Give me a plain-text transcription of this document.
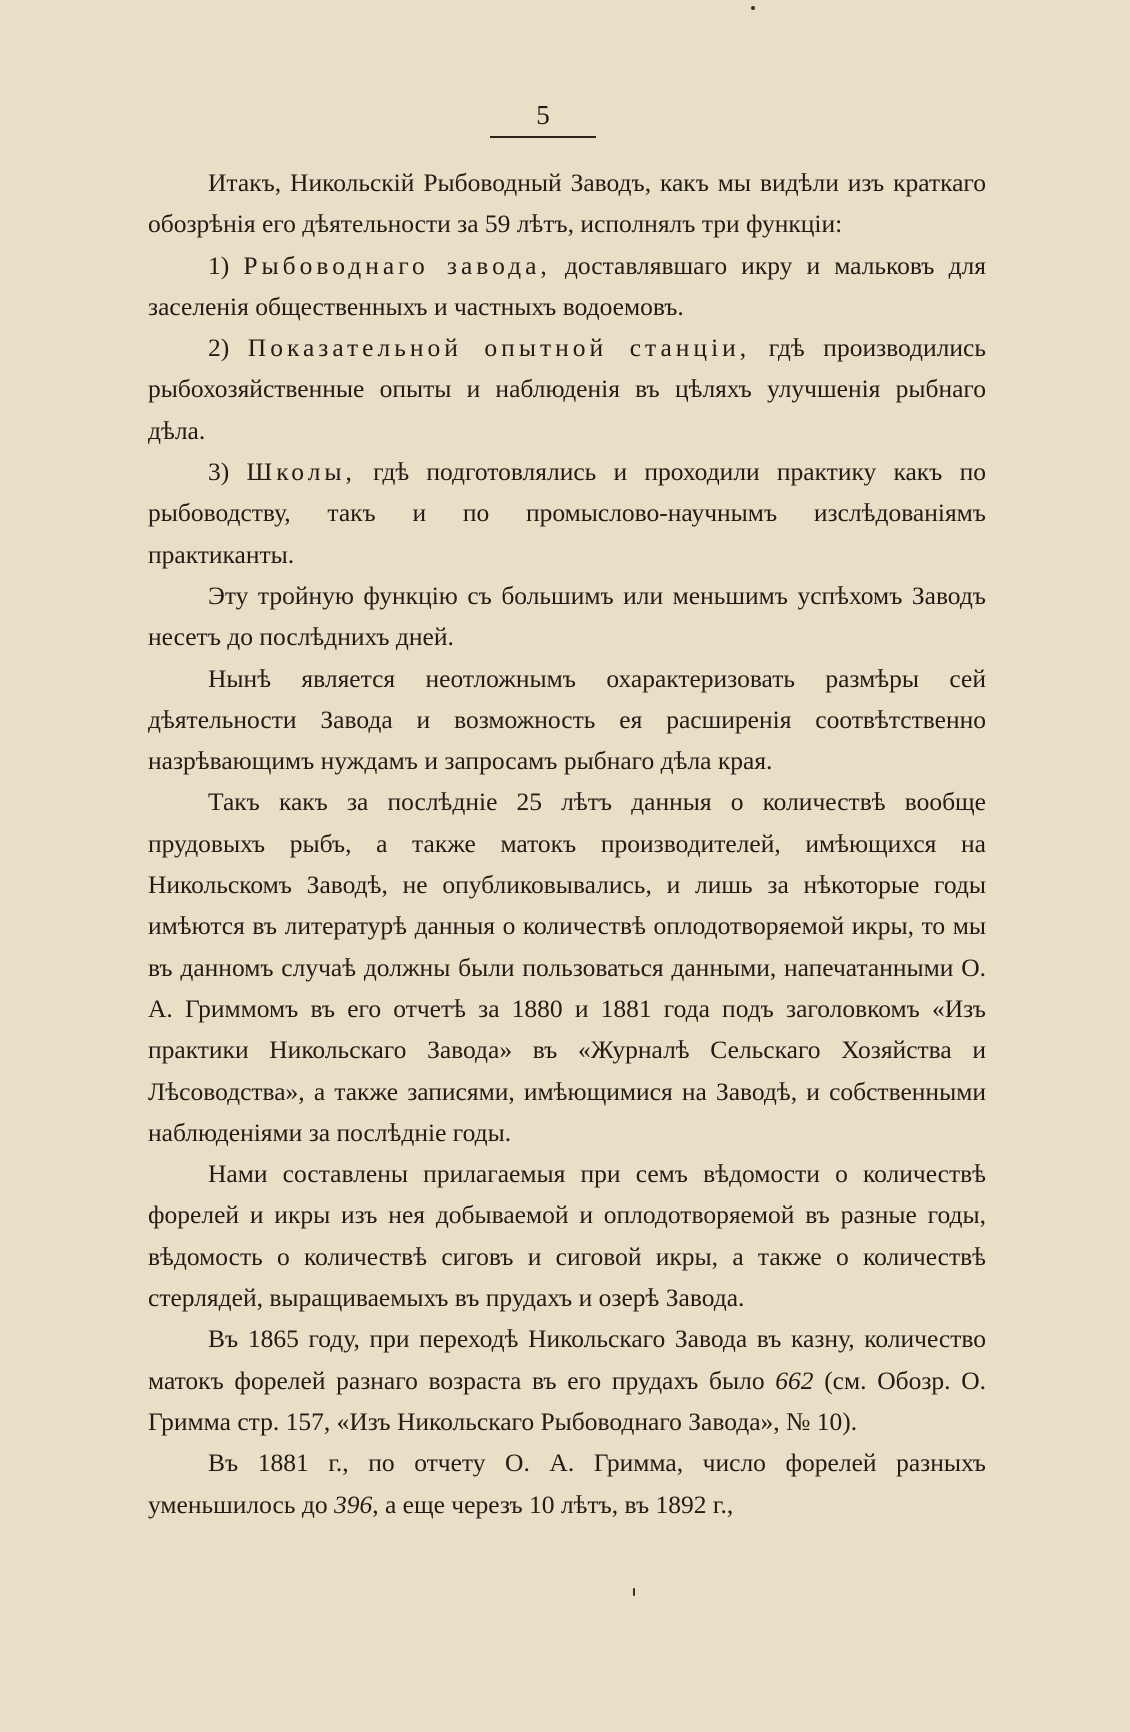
5

Итакъ, Никольскій Рыбоводный Заводъ, какъ мы видѣли изъ краткаго обозрѣнія его дѣятельности за 59 лѣтъ, исполнялъ три функціи:

1) Рыбоводнаго завода, доставлявшаго икру и мальковъ для заселенія общественныхъ и частныхъ водоемовъ.

2) Показательной опытной станціи, гдѣ производились рыбохозяйственные опыты и наблюденія въ цѣляхъ улучшенія рыбнаго дѣла.

3) Школы, гдѣ подготовлялись и проходили практику какъ по рыбоводству, такъ и по промыслово-научнымъ изслѣдованіямъ практиканты.

Эту тройную функцію съ большимъ или меньшимъ успѣхомъ Заводъ несетъ до послѣднихъ дней.

Нынѣ является неотложнымъ охарактеризовать размѣры сей дѣятельности Завода и возможность ея расширенія соотвѣтственно назрѣвающимъ нуждамъ и запросамъ рыбнаго дѣла края.

Такъ какъ за послѣдніе 25 лѣтъ данныя о количествѣ вообще прудовыхъ рыбъ, а также матокъ производителей, имѣющихся на Никольскомъ Заводѣ, не опубликовывались, и лишь за нѣкоторые годы имѣются въ литературѣ данныя о количествѣ оплодотворяемой икры, то мы въ данномъ случаѣ должны были пользоваться данными, напечатанными О. А. Гриммомъ въ его отчетѣ за 1880 и 1881 года подъ заголовкомъ «Изъ практики Никольскаго Завода» въ «Журналѣ Сельскаго Хозяйства и Лѣсоводства», а также записями, имѣющимися на Заводѣ, и собственными наблюденіями за послѣдніе годы.

Нами составлены прилагаемыя при семъ вѣдомости о количествѣ форелей и икры изъ нея добываемой и оплодотворяемой въ разные годы, вѣдомость о количествѣ сиговъ и сиговой икры, а также о количествѣ стерлядей, выращиваемыхъ въ прудахъ и озерѣ Завода.

Въ 1865 году, при переходѣ Никольскаго Завода въ казну, количество матокъ форелей разнаго возраста въ его прудахъ было 662 (см. Обозр. О. Гримма стр. 157, «Изъ Никольскаго Рыбоводнаго Завода», № 10).

Въ 1881 г., по отчету О. А. Гримма, число форелей разныхъ уменьшилось до 396, а еще черезъ 10 лѣтъ, въ 1892 г.,
